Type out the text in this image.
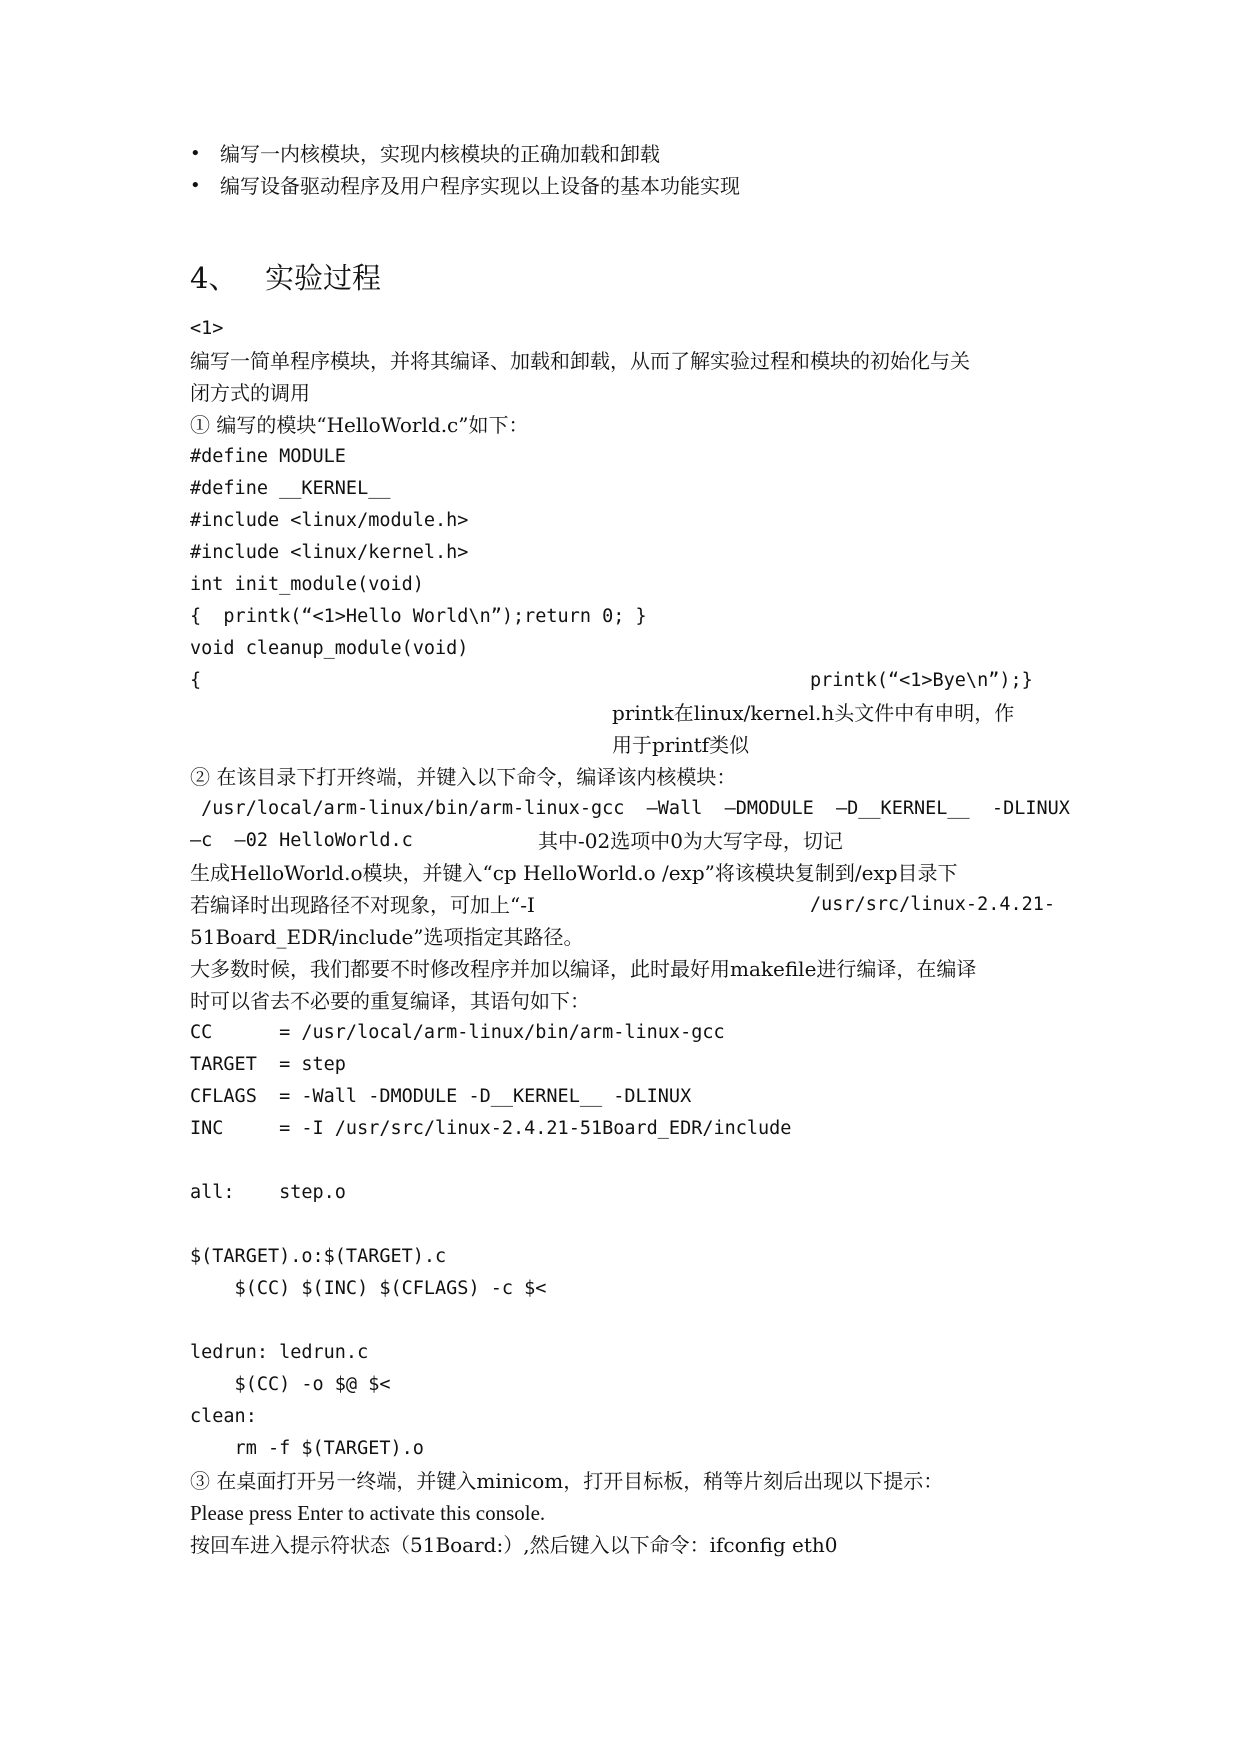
• 编写一内核模块，实现内核模块的正确加载和卸载
• 编写设备驱动程序及用户程序实现以上设备的基本功能实现
4、 实验过程
<1>
编写一简单程序模块，并将其编译、加载和卸载，从而了解实验过程和模块的初始化与关
闭方式的调用
① 编写的模块“HelloWorld.c”如下：
#define MODULE
#define __KERNEL__
#include <linux/module.h>
#include <linux/kernel.h>
int init_module(void)
{  printk(“<1>Hello World\n”);return 0; }
void cleanup_module(void)
{	printk(“<1>Bye\n”);}
printk在linux/kernel.h头文件中有申明，作
用于printf类似
② 在该目录下打开终端，并键入以下命令，编译该内核模块：
/usr/local/arm-linux/bin/arm-linux-gcc  –Wall  –DMODULE  –D__KERNEL__  -DLINUX
–c  –02 HelloWorld.c	其中-02选项中0为大写字母，切记
生成HelloWorld.o模块，并键入“cp HelloWorld.o /exp”将该模块复制到/exp目录下
若编译时出现路径不对现象，可加上“-I	/usr/src/linux-2.4.21-
51Board_EDR/include”选项指定其路径。
大多数时候，我们都要不时修改程序并加以编译，此时最好用makefile进行编译，在编译
时可以省去不必要的重复编译，其语句如下：
CC      = /usr/local/arm-linux/bin/arm-linux-gcc
TARGET  = step
CFLAGS  = -Wall -DMODULE -D__KERNEL__ -DLINUX
INC     = -I /usr/src/linux-2.4.21-51Board_EDR/include
all:    step.o
$(TARGET).o:$(TARGET).c
$(CC) $(INC) $(CFLAGS) -c $<
ledrun: ledrun.c
$(CC) -o $@ $<
clean:
rm -f $(TARGET).o
③ 在桌面打开另一终端，并键入minicom，打开目标板，稍等片刻后出现以下提示：
Please press Enter to activate this console.
按回车进入提示符状态（51Board:）,然后键入以下命令：ifconfig eth0
